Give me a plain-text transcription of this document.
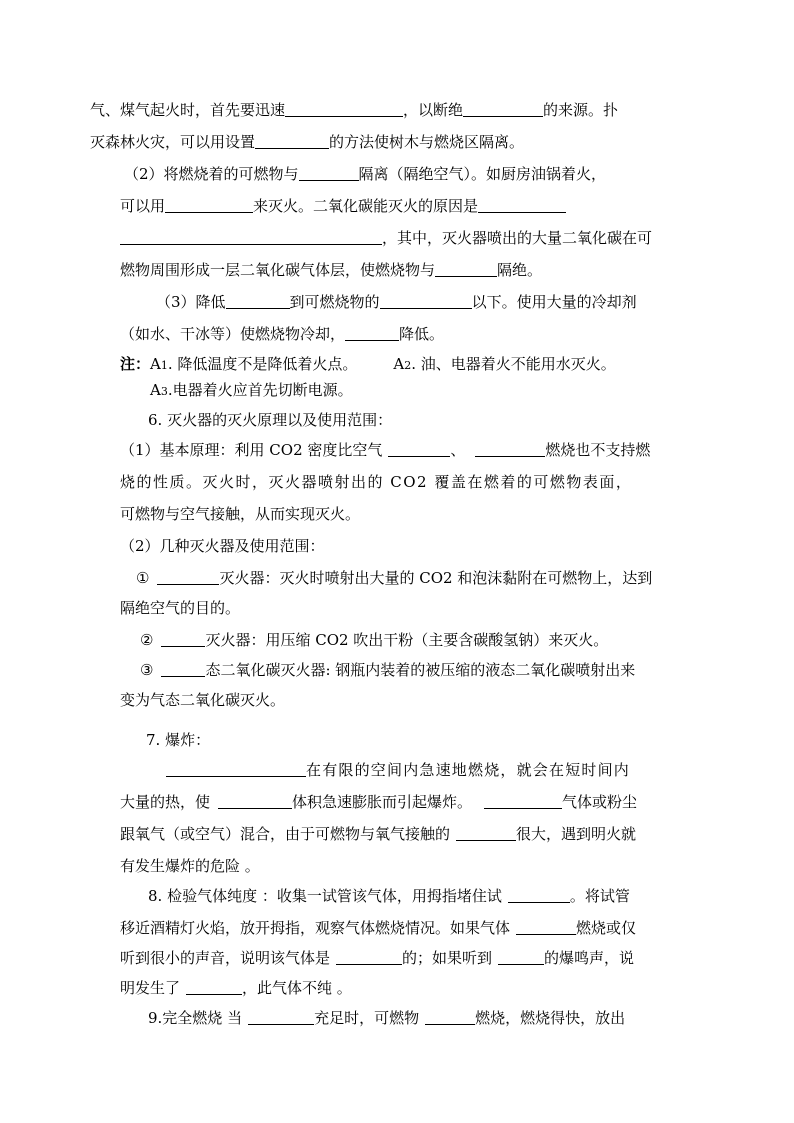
气、煤气起火时，首先要迅速	，以断绝	的来源。扑
灭森林火灾，可以用设置	的方法使树木与燃烧区隔离。
（2）将燃烧着的可燃物与	隔离（隔绝空气）。如厨房油锅着火，
可以用	来灭火。二氧化碳能灭火的原因是
，其中，灭火器喷出的大量二氧化碳在可
燃物周围形成一层二氧化碳气体层，使燃烧物与	隔绝。
（3）降低	到可燃烧物的	以下。使用大量的冷却剂
（如水、干冰等）使燃烧物冷却，	降低。
注：A1. 降低温度不是降低着火点。 A2. 油、电器着火不能用水灭火。
A3.电器着火应首先切断电源。
6. 灭火器的灭火原理以及使用范围：
（1）基本原理：利用 CO2 密度比空气	、	燃烧也不支持燃
烧的性质。灭火时，灭火器喷射出的 CO2 覆盖在燃着的可燃物表面，
可燃物与空气接触，从而实现灭火。
（2）几种灭火器及使用范围：
①	灭火器：灭火时喷射出大量的 CO2 和泡沫黏附在可燃物上，达到
隔绝空气的目的。
②	灭火器：用压缩 CO2 吹出干粉（主要含碳酸氢钠）来灭火。
③	态二氧化碳灭火器: 钢瓶内装着的被压缩的液态二氧化碳喷射出来
变为气态二氧化碳灭火。
7. 爆炸：
在有限的空间内急速地燃烧，就会在短时间内
大量的热，使	体积急速膨胀而引起爆炸。	气体或粉尘
跟氧气（或空气）混合，由于可燃物与氧气接触的	很大，遇到明火就
有发生爆炸的危险 。
8. 检验气体纯度 ：收集一试管该气体，用拇指堵住试	。将试管
移近酒精灯火焰，放开拇指，观察气体燃烧情况。如果气体	燃烧或仅
听到很小的声音，说明该气体是	的；如果听到	的爆鸣声，说
明发生了	，此气体不纯 。
9.完全燃烧 当	充足时，可燃物	燃烧，燃烧得快，放出
